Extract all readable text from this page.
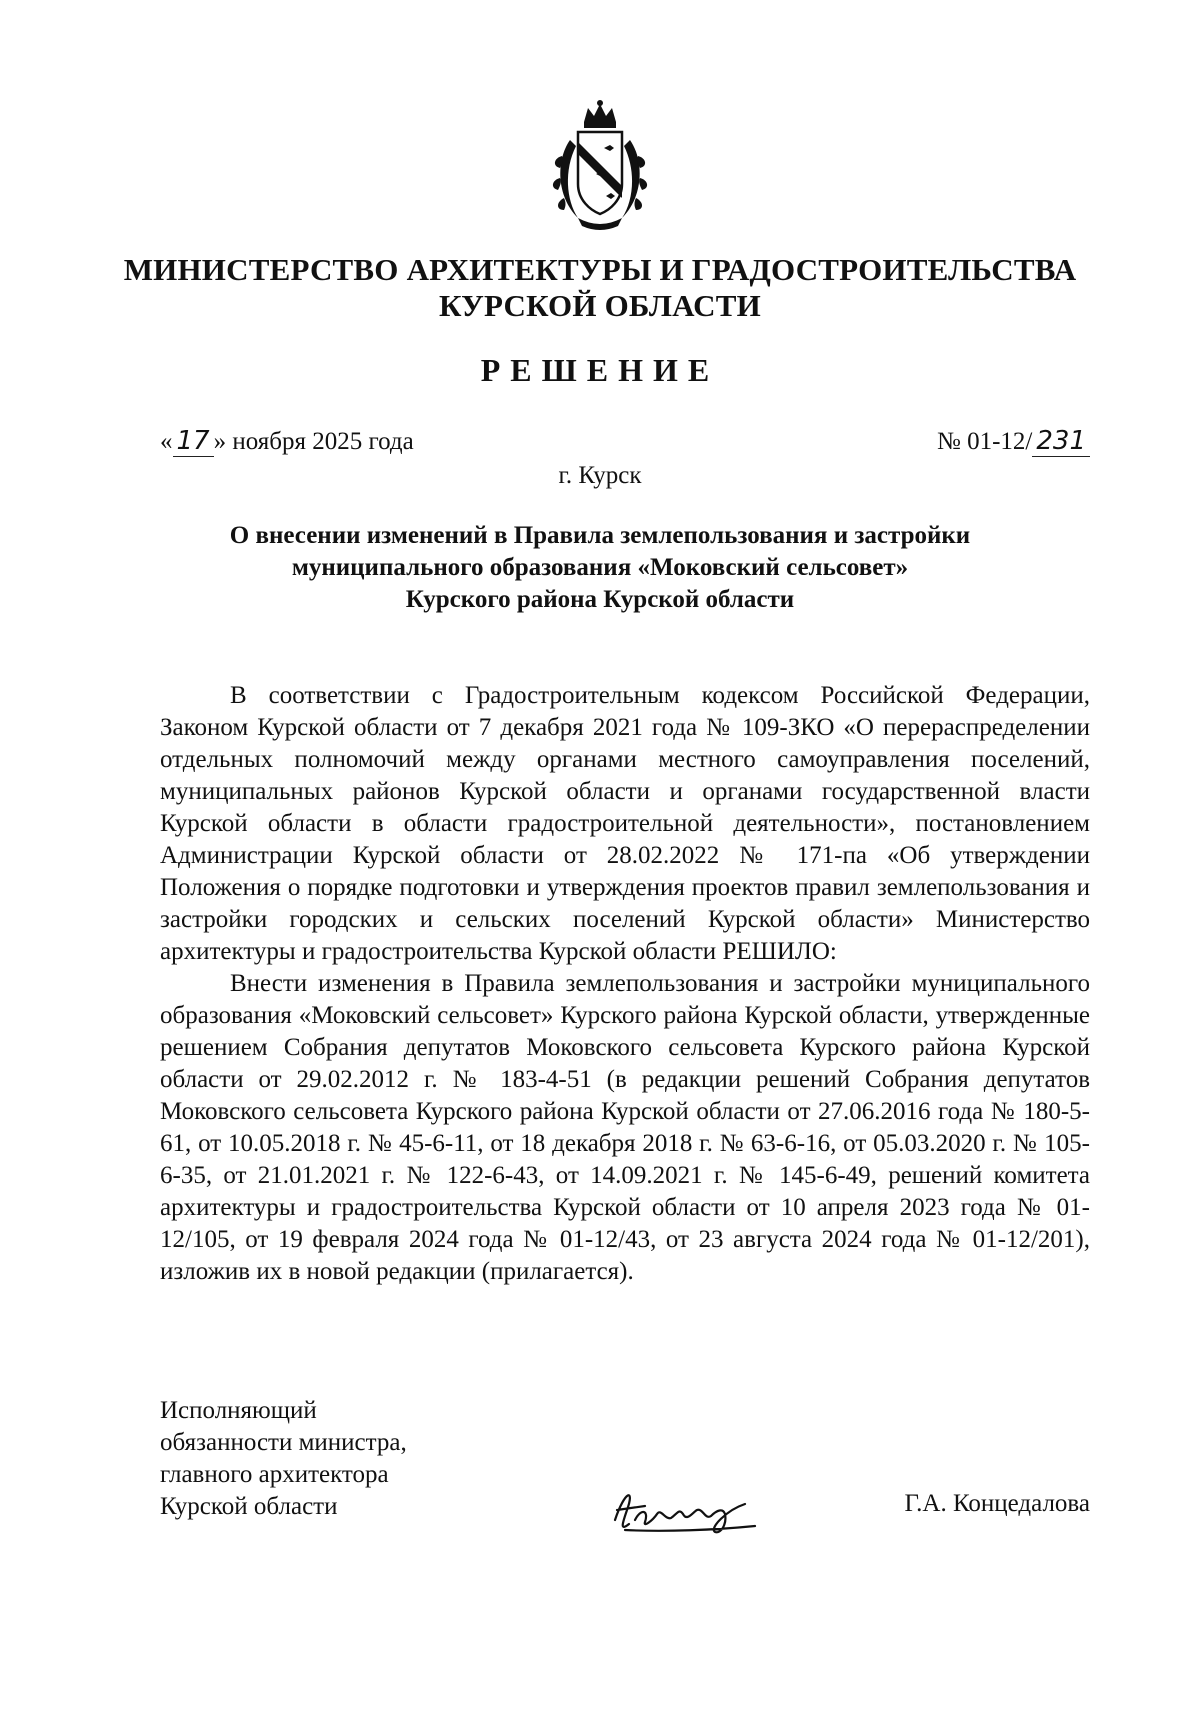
МИНИСТЕРСТВО АРХИТЕКТУРЫ И ГРАДОСТРОИТЕЛЬСТВА
КУРСКОЙ ОБЛАСТИ
РЕШЕНИЕ
« 17 » ноября 2025 года	№ 01-12/ 231
г. Курск
О внесении изменений в Правила землепользования и застройки
муниципального образования «Моковский сельсовет»
Курского района Курской области

В соответствии с Градостроительным кодексом Российской Федерации, Законом Курской области от 7 декабря 2021 года № 109-ЗКО «О перераспределении отдельных полномочий между органами местного самоуправления поселений, муниципальных районов Курской области и органами государственной власти Курской области в области градостроительной деятельности», постановлением Администрации Курской области от 28.02.2022 № 171-па «Об утверждении Положения о порядке подготовки и утверждения проектов правил землепользования и застройки городских и сельских поселений Курской области» Министерство архитектуры и градостроительства Курской области РЕШИЛО:

Внести изменения в Правила землепользования и застройки муниципального образования «Моковский сельсовет» Курского района Курской области, утвержденные решением Собрания депутатов Моковского сельсовета Курского района Курской области от 29.02.2012 г. № 183-4-51 (в редакции решений Собрания депутатов Моковского сельсовета Курского района Курской области от 27.06.2016 года № 180-5-61, от 10.05.2018 г. № 45-6-11, от 18 декабря 2018 г. № 63-6-16, от 05.03.2020 г. № 105-6-35, от 21.01.2021 г. № 122-6-43, от 14.09.2021 г. № 145-6-49, решений комитета архитектуры и градостроительства Курской области от 10 апреля 2023 года № 01-12/105, от 19 февраля 2024 года № 01-12/43, от 23 августа 2024 года № 01-12/201), изложив их в новой редакции (прилагается).

Исполняющий
обязанности министра,
главного архитектора
Курской области	Г.А. Концедалова
